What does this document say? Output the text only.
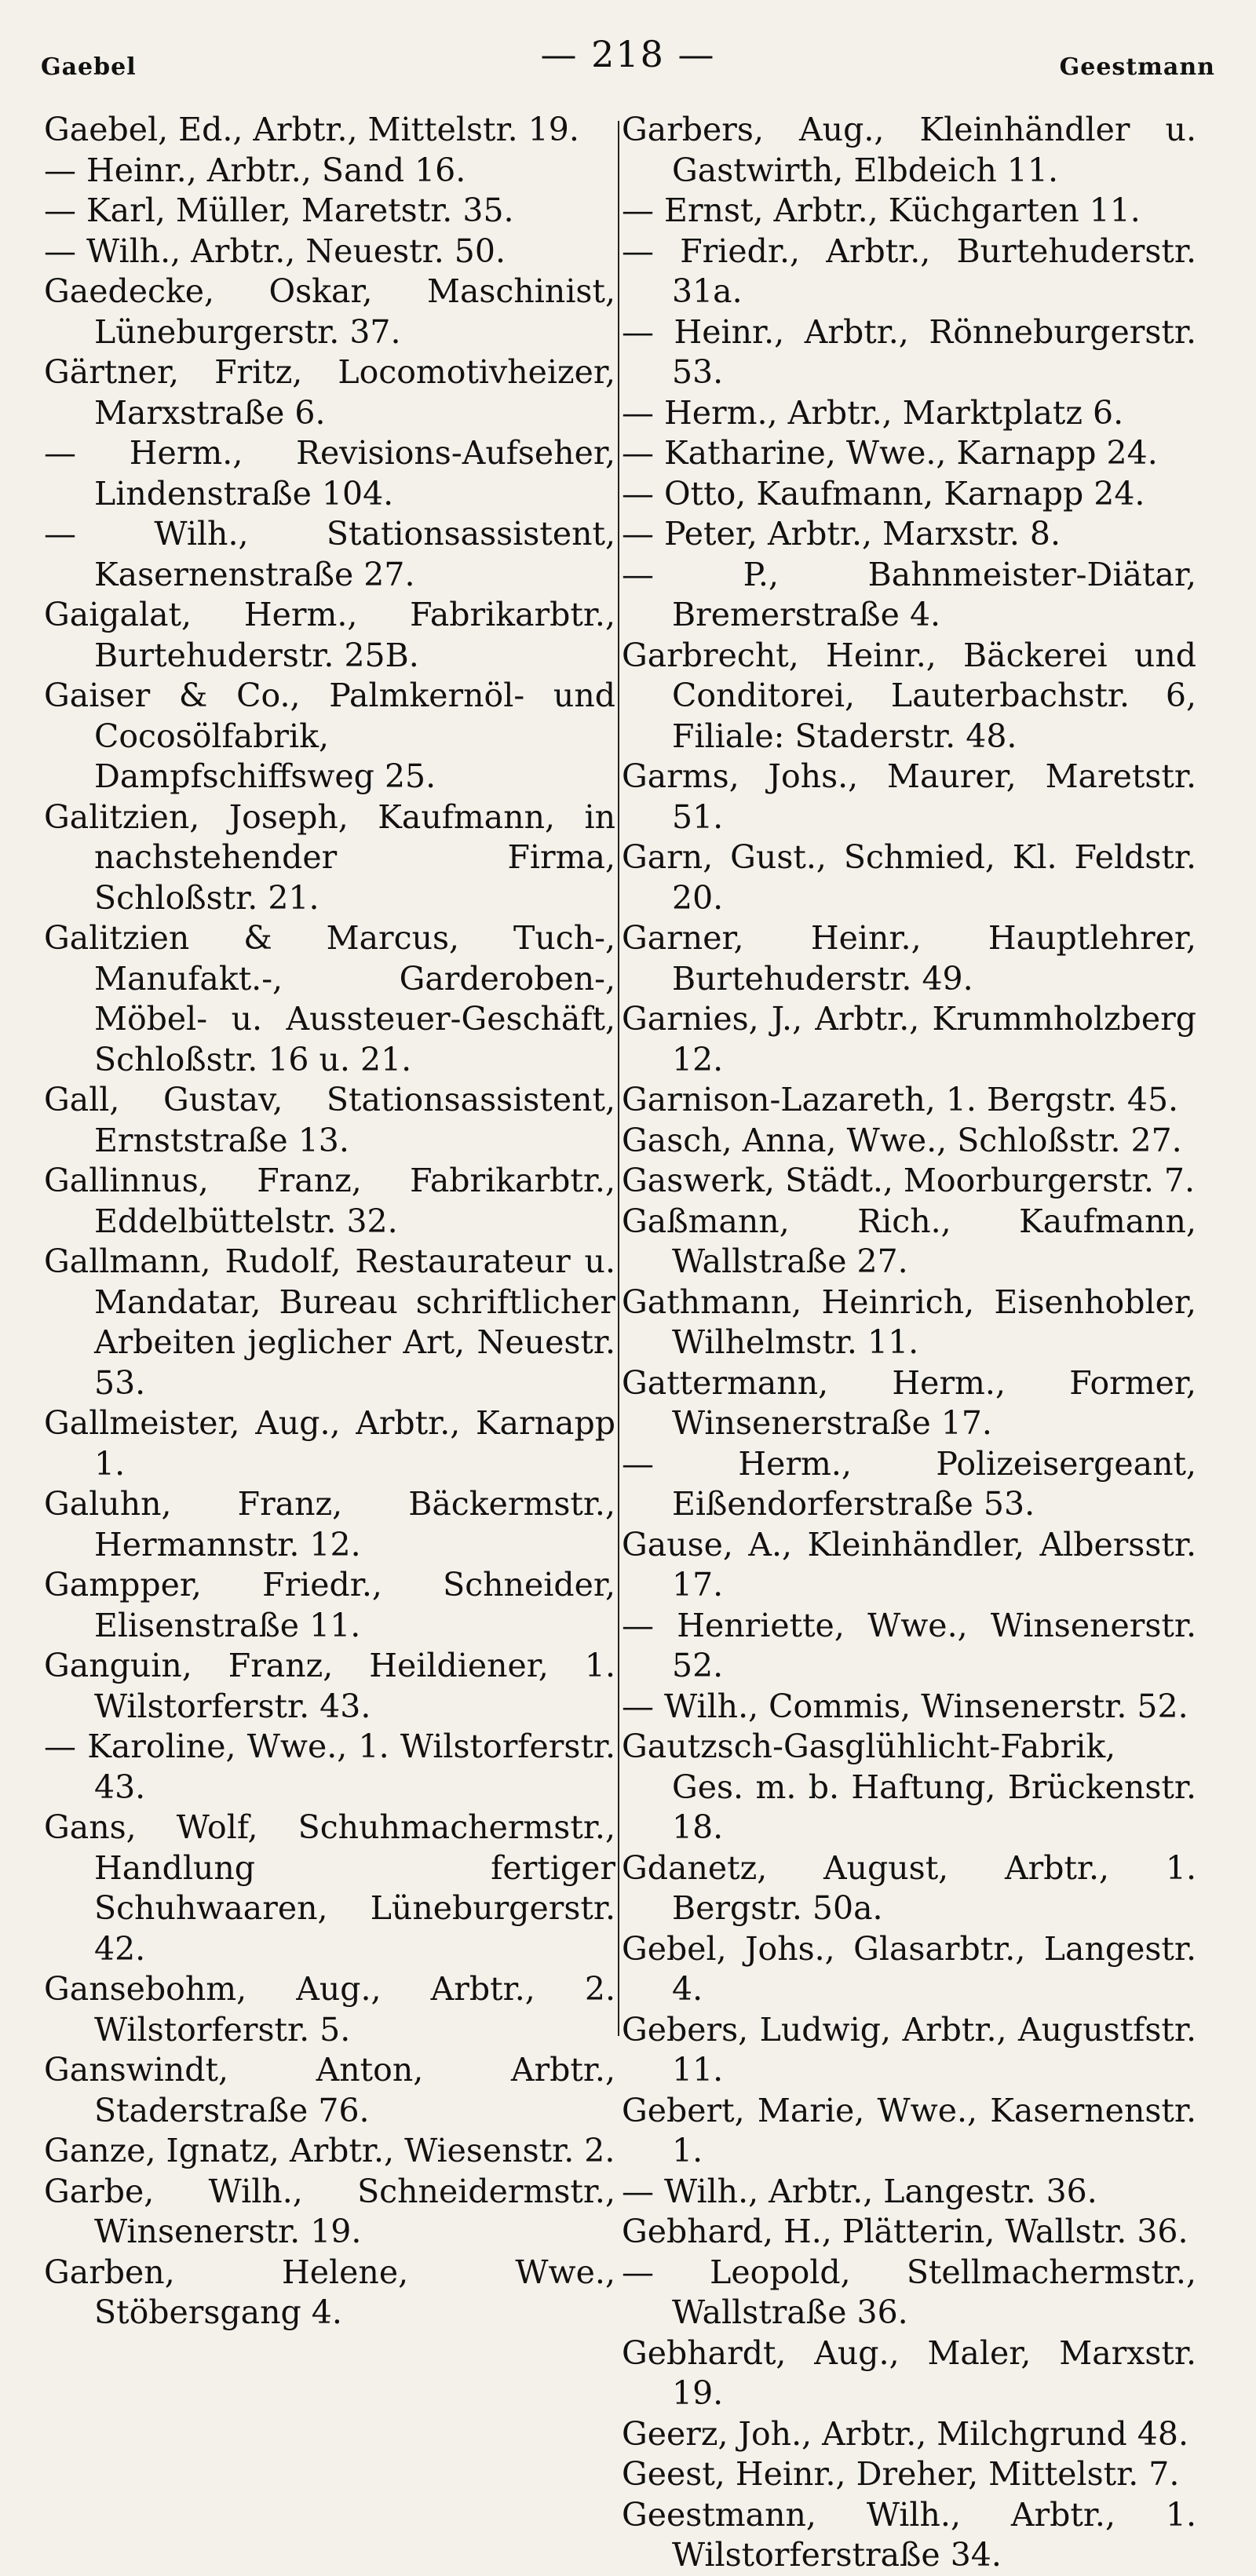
Gaebel	— 218 —	Geestmann

Gaebel, Ed., Arbtr., Mittelstr. 19.

— Heinr., Arbtr., Sand 16.

— Karl, Müller, Maretstr. 35.

— Wilh., Arbtr., Neuestr. 50.

Gaedecke, Oskar, Maschinist, Lüneburgerstr. 37.

Gärtner, Fritz, Locomotivheizer, Marxstraße 6.

— Herm., Revisions-Aufseher, Lindenstraße 104.

— Wilh., Stationsassistent, Kasernenstraße 27.

Gaigalat, Herm., Fabrikarbtr., Burtehuderstr. 25B.

Gaiser & Co., Palmkernöl- und Cocosölfabrik, Dampfschiffsweg 25.

Galitzien, Joseph, Kaufmann, in nachstehender Firma, Schloßstr. 21.

Galitzien & Marcus, Tuch-, Manufakt.-, Garderoben-, Möbel- u. Aussteuer-Geschäft, Schloßstr. 16 u. 21.

Gall, Gustav, Stationsassistent, Ernststraße 13.

Gallinnus, Franz, Fabrikarbtr., Eddelbüttelstr. 32.

Gallmann, Rudolf, Restaurateur u. Mandatar, Bureau schriftlicher Arbeiten jeglicher Art, Neuestr. 53.

Gallmeister, Aug., Arbtr., Karnapp 1.

Galuhn, Franz, Bäckermstr., Hermannstr. 12.

Gampper, Friedr., Schneider, Elisenstraße 11.

Ganguin, Franz, Heildiener, 1. Wilstorferstr. 43.

— Karoline, Wwe., 1. Wilstorferstr. 43.

Gans, Wolf, Schuhmachermstr., Handlung fertiger Schuhwaaren, Lüneburgerstr. 42.

Gansebohm, Aug., Arbtr., 2. Wilstorferstr. 5.

Ganswindt, Anton, Arbtr., Staderstraße 76.

Ganze, Ignatz, Arbtr., Wiesenstr. 2.

Garbe, Wilh., Schneidermstr., Winsenerstr. 19.

Garben, Helene, Wwe., Stöbersgang 4.

Garbers, Aug., Kleinhändler u. Gastwirth, Elbdeich 11.

— Ernst, Arbtr., Küchgarten 11.

— Friedr., Arbtr., Burtehuderstr. 31a.

— Heinr., Arbtr., Rönneburgerstr. 53.

— Herm., Arbtr., Marktplatz 6.

— Katharine, Wwe., Karnapp 24.

— Otto, Kaufmann, Karnapp 24.

— Peter, Arbtr., Marxstr. 8.

— P., Bahnmeister-Diätar, Bremerstraße 4.

Garbrecht, Heinr., Bäckerei und Conditorei, Lauterbachstr. 6, Filiale: Staderstr. 48.

Garms, Johs., Maurer, Maretstr. 51.

Garn, Gust., Schmied, Kl. Feldstr. 20.

Garner, Heinr., Hauptlehrer, Burtehuderstr. 49.

Garnies, J., Arbtr., Krummholzberg 12.

Garnison-Lazareth, 1. Bergstr. 45.

Gasch, Anna, Wwe., Schloßstr. 27.

Gaswerk, Städt., Moorburgerstr. 7.

Gaßmann, Rich., Kaufmann, Wallstraße 27.

Gathmann, Heinrich, Eisenhobler, Wilhelmstr. 11.

Gattermann, Herm., Former, Winsenerstraße 17.

— Herm., Polizeisergeant, Eißendorferstraße 53.

Gause, A., Kleinhändler, Albersstr. 17.

— Henriette, Wwe., Winsenerstr. 52.

— Wilh., Commis, Winsenerstr. 52.

Gautzsch-Gasglühlicht-Fabrik, Ges. m. b. Haftung, Brückenstr. 18.

Gdanetz, August, Arbtr., 1. Bergstr. 50a.

Gebel, Johs., Glasarbtr., Langestr. 4.

Gebers, Ludwig, Arbtr., Augustfstr. 11.

Gebert, Marie, Wwe., Kasernenstr. 1.

— Wilh., Arbtr., Langestr. 36.

Gebhard, H., Plätterin, Wallstr. 36.

— Leopold, Stellmachermstr., Wallstraße 36.

Gebhardt, Aug., Maler, Marxstr. 19.

Geerz, Joh., Arbtr., Milchgrund 48.

Geest, Heinr., Dreher, Mittelstr. 7.

Geestmann, Wilh., Arbtr., 1. Wilstorferstraße 34.
